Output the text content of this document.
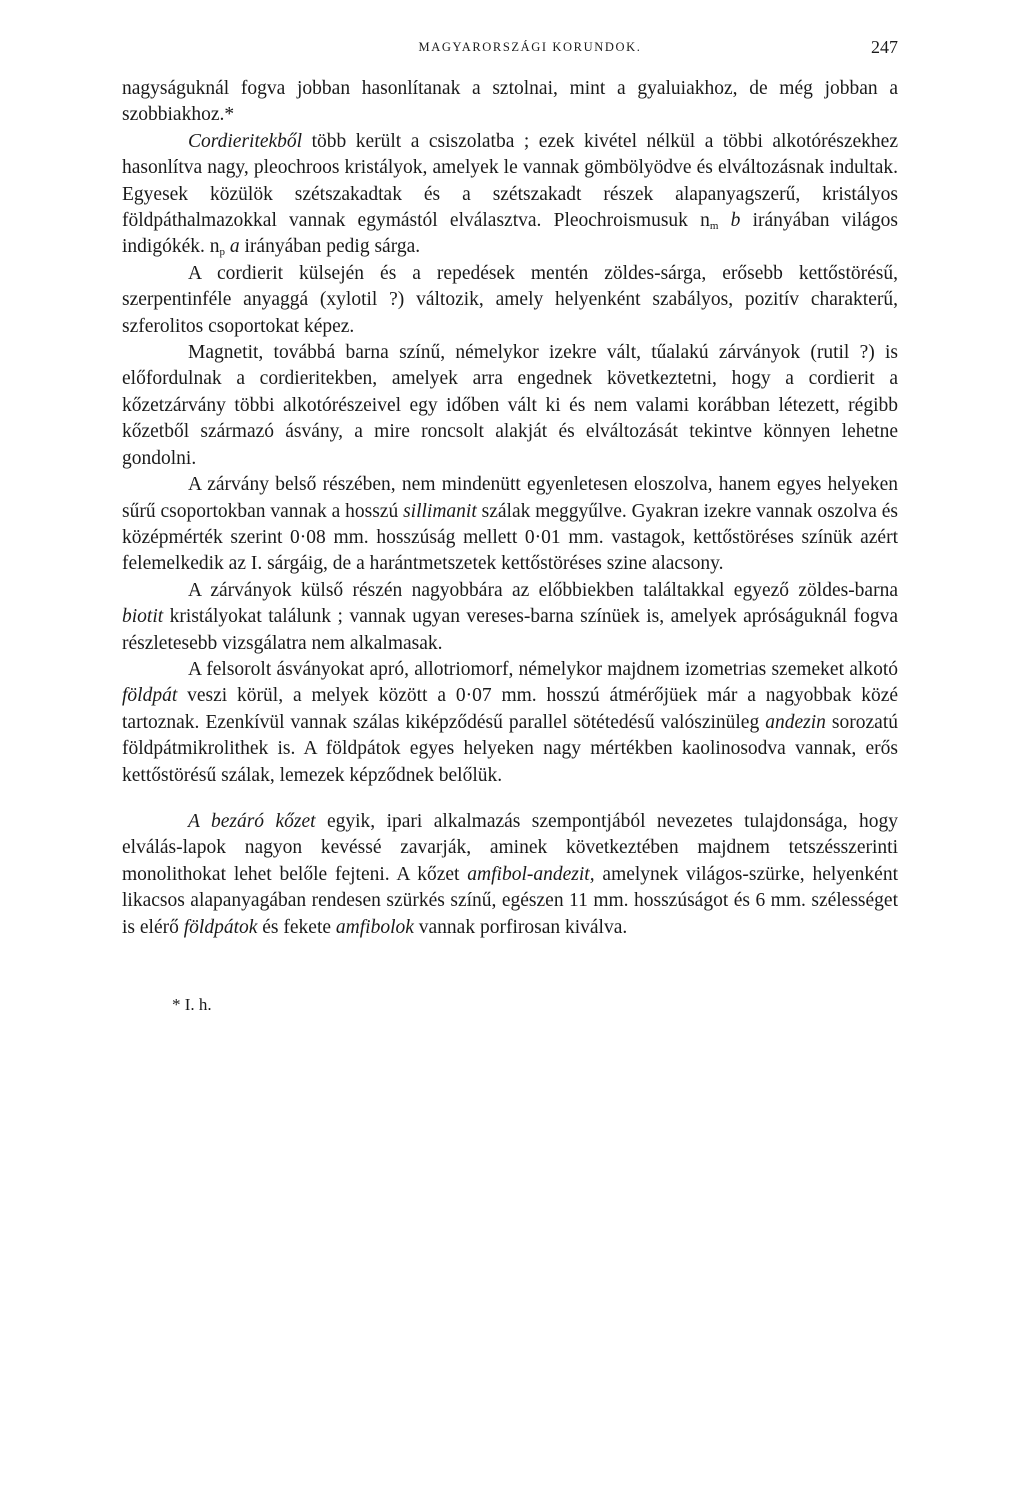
MAGYARORSZÁGI KORUNDOK.	247

nagyságuknál fogva jobban hasonlítanak a sztolnai, mint a gyaluiakhoz, de még jobban a szobbiakhoz.*

Cordieritekből több került a csiszolatba ; ezek kivétel nélkül a többi alkotórészekhez hasonlítva nagy, pleochroos kristályok, amelyek le vannak gömbölyödve és elváltozásnak indultak. Egyesek közülök szétszakadtak és a szétszakadt részek alapanyagszerű, kristályos földpáthalmazokkal vannak egymástól elválasztva. Pleochroismusuk $n_m$ b irányában világos indigókék. $n_p$ a irányában pedig sárga.

A cordierit külsején és a repedések mentén zöldes-sárga, erősebb kettőstörésű, szerpentinféle anyaggá (xylotil ?) változik, amely helyenként szabályos, pozitív charakterű, szferolitos csoportokat képez.

Magnetit, továbbá barna színű, némelykor izekre vált, tűalakú zárványok (rutil ?) is előfordulnak a cordieritekben, amelyek arra engednek következtetni, hogy a cordierit a kőzetzárvány többi alkotórészeivel egy időben vált ki és nem valami korábban létezett, régibb kőzetből származó ásvány, a mire roncsolt alakját és elváltozását tekintve könnyen lehetne gondolni.

A zárvány belső részében, nem mindenütt egyenletesen eloszolva, hanem egyes helyeken sűrű csoportokban vannak a hosszú sillimanit szálak meggyűlve. Gyakran izekre vannak oszolva és középmérték szerint 0·08 mm. hosszúság mellett 0·01 mm. vastagok, kettőstöréses színük azért felemelkedik az I. sárgáig, de a harántmetszetek kettőstöréses szine alacsony.

A zárványok külső részén nagyobbára az előbbiekben találtakkal egyező zöldes-barna biotit kristályokat találunk ; vannak ugyan vereses-barna színüek is, amelyek apróságuknál fogva részletesebb vizsgálatra nem alkalmasak.

A felsorolt ásványokat apró, allotriomorf, némelykor majdnem izometrias szemeket alkotó földpát veszi körül, a melyek között a 0·07 mm. hosszú átmérőjüek már a nagyobbak közé tartoznak. Ezenkívül vannak szálas kiképződésű parallel sötétedésű valószinüleg andezin sorozatú földpátmikrolithek is. A földpátok egyes helyeken nagy mértékben kaolinosodva vannak, erős kettőstörésű szálak, lemezek képződnek belőlük.

A bezáró kőzet egyik, ipari alkalmazás szempontjából nevezetes tulajdonsága, hogy elválás-lapok nagyon kevéssé zavarják, aminek következtében majdnem tetszésszerinti monolithokat lehet belőle fejteni. A kőzet amfibol-andezit, amelynek világos-szürke, helyenként likacsos alapanyagában rendesen szürkés színű, egészen 11 mm. hosszúságot és 6 mm. szélességet is elérő földpátok és fekete amfibolok vannak porfirosan kiválva.

* I. h.
